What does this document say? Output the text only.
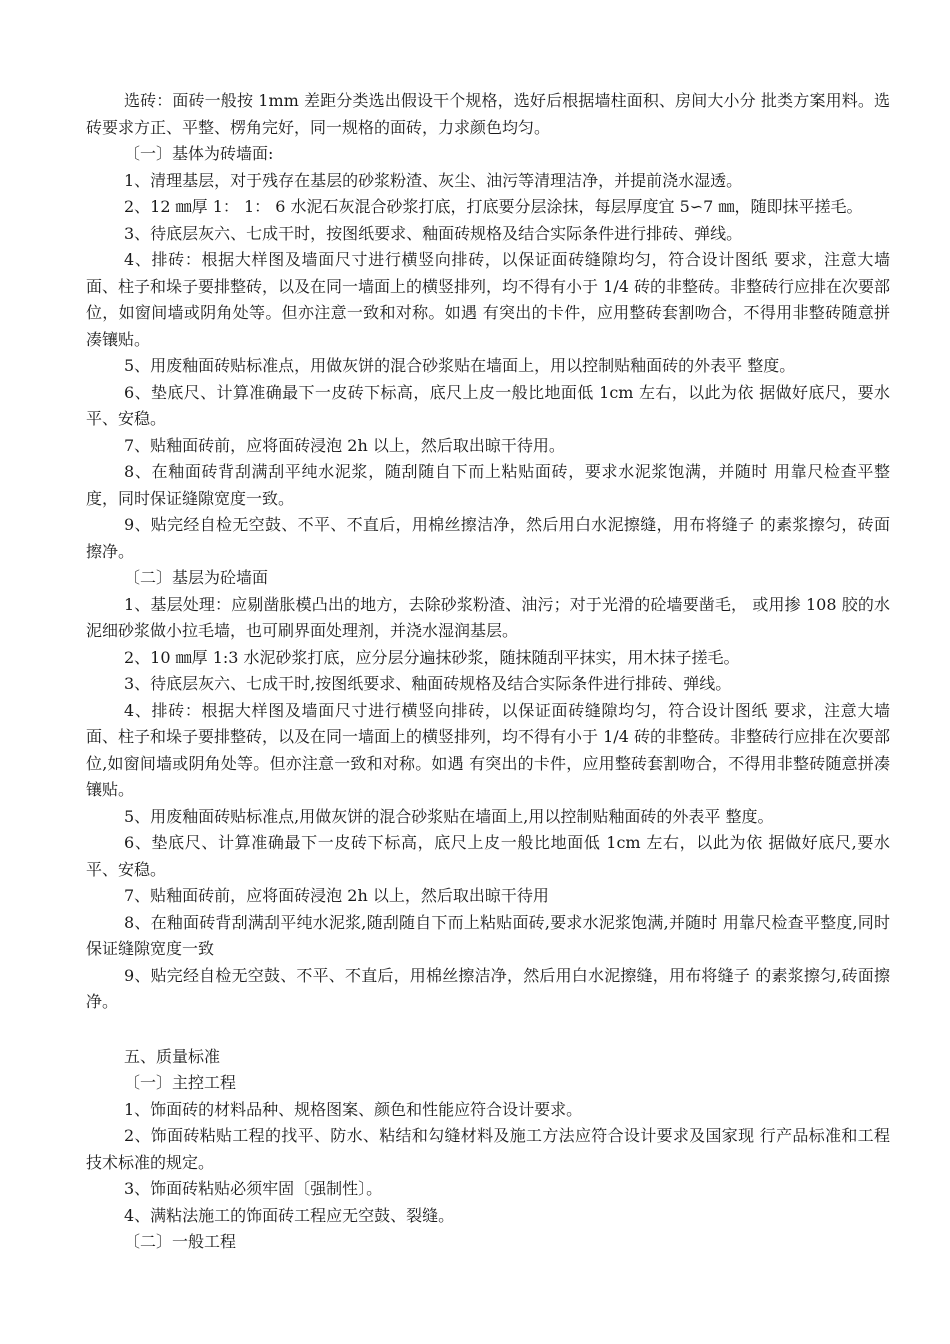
选砖：面砖一般按 1mm 差距分类选出假设干个规格，选好后根据墙柱面积、房间大小分 批类方案用料。选砖要求方正、平整、楞角完好，同一规格的面砖，力求颜色均匀。

〔一〕基体为砖墙面:

1、清理基层，对于残存在基层的砂浆粉渣、灰尘、油污等清理洁净，并提前浇水湿透。

2、12 ㎜厚 1： 1： 6 水泥石灰混合砂浆打底，打底要分层涂抹，每层厚度宜 5∽7 ㎜，随即抹平搓毛。

3、待底层灰六、七成干时，按图纸要求、釉面砖规格及结合实际条件进行排砖、弹线。

4、排砖：根据大样图及墙面尺寸进行横竖向排砖，以保证面砖缝隙均匀，符合设计图纸 要求，注意大墙面、柱子和垛子要排整砖，以及在同一墙面上的横竖排列，均不得有小于 1/4 砖的非整砖。非整砖行应排在次要部位，如窗间墙或阴角处等。但亦注意一致和对称。如遇 有突出的卡件，应用整砖套割吻合，不得用非整砖随意拼凑镶贴。

5、用废釉面砖贴标准点，用做灰饼的混合砂浆贴在墙面上，用以控制贴釉面砖的外表平 整度。

6、垫底尺、计算准确最下一皮砖下标高，底尺上皮一般比地面低 1cm 左右，以此为依 据做好底尺，要水平、安稳。

7、贴釉面砖前，应将面砖浸泡 2h 以上，然后取出晾干待用。

8、在釉面砖背刮满刮平纯水泥浆，随刮随自下而上粘贴面砖，要求水泥浆饱满，并随时 用靠尺检查平整度，同时保证缝隙宽度一致。

9、贴完经自检无空鼓、不平、不直后，用棉丝擦洁净，然后用白水泥擦缝，用布将缝子 的素浆擦匀，砖面擦净。

〔二〕基层为砼墙面

1、基层处理：应剔凿胀模凸出的地方，去除砂浆粉渣、油污；对于光滑的砼墙要凿毛， 或用掺 108 胶的水泥细砂浆做小拉毛墙，也可刷界面处理剂，并浇水湿润基层。

2、10 ㎜厚 1:3 水泥砂浆打底，应分层分遍抹砂浆，随抹随刮平抹实，用木抹子搓毛。

3、待底层灰六、七成干时,按图纸要求、釉面砖规格及结合实际条件进行排砖、弹线。

4、排砖：根据大样图及墙面尺寸进行横竖向排砖，以保证面砖缝隙均匀，符合设计图纸 要求，注意大墙面、柱子和垛子要排整砖，以及在同一墙面上的横竖排列，均不得有小于 1/4 砖的非整砖。非整砖行应排在次要部位,如窗间墙或阴角处等。但亦注意一致和对称。如遇 有突出的卡件，应用整砖套割吻合，不得用非整砖随意拼凑镶贴。

5、用废釉面砖贴标准点,用做灰饼的混合砂浆贴在墙面上,用以控制贴釉面砖的外表平 整度。

6、垫底尺、计算准确最下一皮砖下标高，底尺上皮一般比地面低 1cm 左右，以此为依 据做好底尺,要水平、安稳。

7、贴釉面砖前，应将面砖浸泡 2h 以上，然后取出晾干待用

8、在釉面砖背刮满刮平纯水泥浆,随刮随自下而上粘贴面砖,要求水泥浆饱满,并随时 用靠尺检查平整度,同时保证缝隙宽度一致

9、贴完经自检无空鼓、不平、不直后，用棉丝擦洁净，然后用白水泥擦缝，用布将缝子 的素浆擦匀,砖面擦净。

五、质量标准

〔一〕主控工程

1、饰面砖的材料品种、规格图案、颜色和性能应符合设计要求。

2、饰面砖粘贴工程的找平、防水、粘结和勾缝材料及施工方法应符合设计要求及国家现 行产品标准和工程技术标准的规定。

3、饰面砖粘贴必须牢固〔强制性〕。

4、满粘法施工的饰面砖工程应无空鼓、裂缝。

〔二〕一般工程
